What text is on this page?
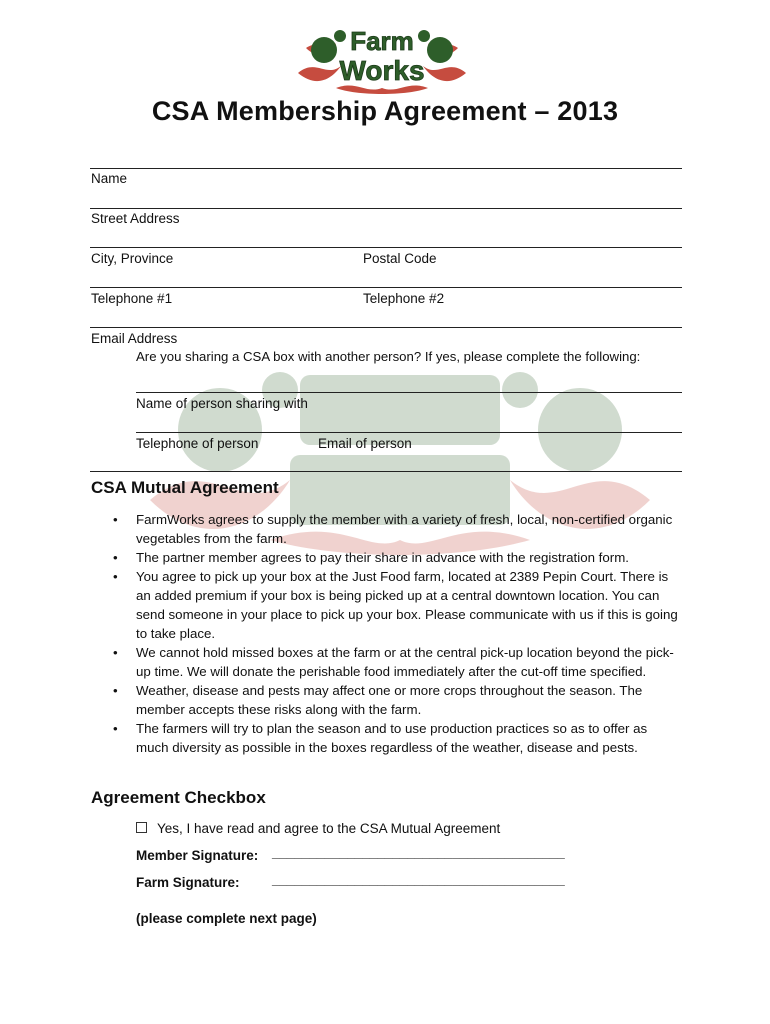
Farm
Works
CSA Membership Agreement – 2013
Name
Street Address
City, Province	Postal Code
Telephone #1	Telephone #2
Email Address
Are you sharing a CSA box with another person? If yes, please complete the following:
Name of person sharing with
Telephone of person	Email of person
CSA Mutual Agreement
• FarmWorks agrees to supply the member with a variety of fresh, local, non-certified organic vegetables from the farm.
• The partner member agrees to pay their share in advance with the registration form.
• You agree to pick up your box at the Just Food farm, located at 2389 Pepin Court. There is an added premium if your box is being picked up at a central downtown location. You can send someone in your place to pick up your box. Please communicate with us if this is going to take place.
• We cannot hold missed boxes at the farm or at the central pick-up location beyond the pick-up time. We will donate the perishable food immediately after the cut-off time specified.
• Weather, disease and pests may affect one or more crops throughout the season. The member accepts these risks along with the farm.
• The farmers will try to plan the season and to use production practices so as to offer as much diversity as possible in the boxes regardless of the weather, disease and pests.
Agreement Checkbox
Yes, I have read and agree to the CSA Mutual Agreement
Member Signature: _______________________________________
Farm Signature: _______________________________________
(please complete next page)
